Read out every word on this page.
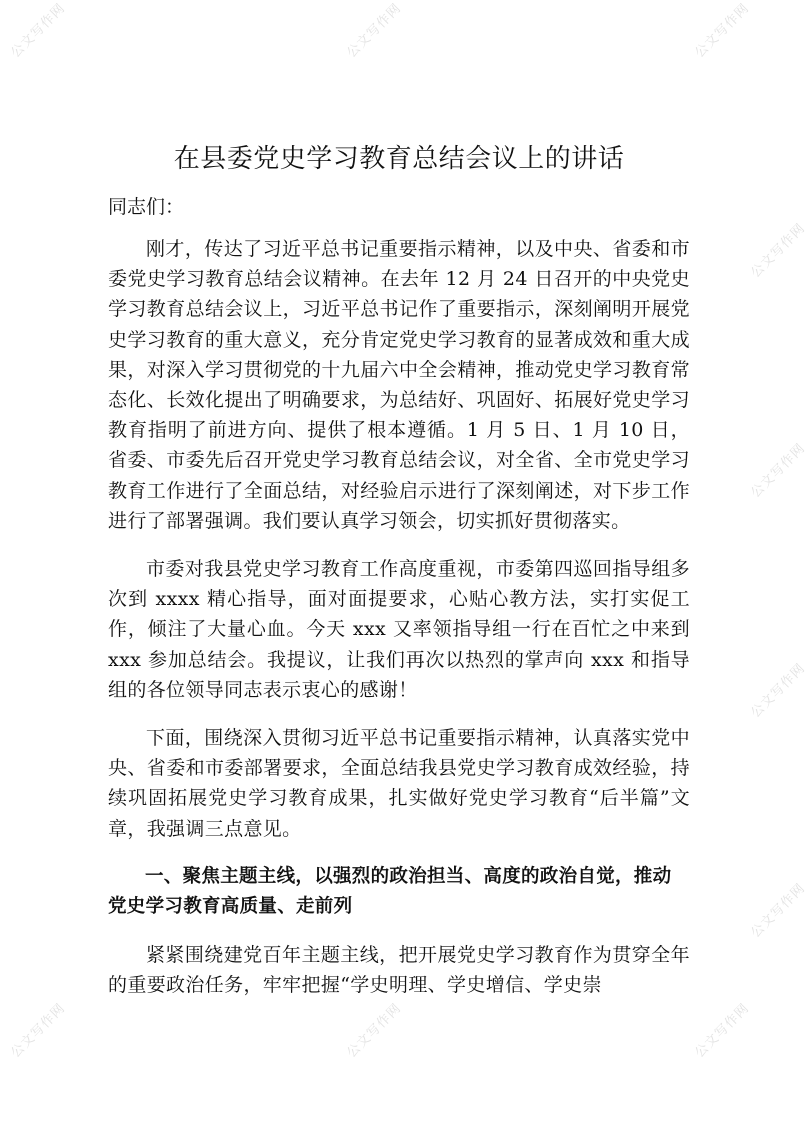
公文写作网	公文写作网	公文写作网
公文写作网
公文写作网
公文写作网
公文写作网
公文写作网	公文写作网	公文写作网
在县委党史学习教育总结会议上的讲话

同志们：

刚才，传达了习近平总书记重要指示精神，以及中央、省委和市委党史学习教育总结会议精神。在去年 12 月 24 日召开的中央党史学习教育总结会议上，习近平总书记作了重要指示，深刻阐明开展党史学习教育的重大意义，充分肯定党史学习教育的显著成效和重大成果，对深入学习贯彻党的十九届六中全会精神，推动党史学习教育常态化、长效化提出了明确要求，为总结好、巩固好、拓展好党史学习教育指明了前进方向、提供了根本遵循。1 月 5 日、1 月 10 日，省委、市委先后召开党史学习教育总结会议，对全省、全市党史学习教育工作进行了全面总结，对经验启示进行了深刻阐述，对下步工作进行了部署强调。我们要认真学习领会，切实抓好贯彻落实。

市委对我县党史学习教育工作高度重视，市委第四巡回指导组多次到 xxxx 精心指导，面对面提要求，心贴心教方法，实打实促工作，倾注了大量心血。今天 xxx 又率领指导组一行在百忙之中来到 xxx 参加总结会。我提议，让我们再次以热烈的掌声向 xxx 和指导组的各位领导同志表示衷心的感谢！

下面，围绕深入贯彻习近平总书记重要指示精神，认真落实党中央、省委和市委部署要求，全面总结我县党史学习教育成效经验，持续巩固拓展党史学习教育成果，扎实做好党史学习教育“后半篇”文章，我强调三点意见。

一、聚焦主题主线，以强烈的政治担当、高度的政治自觉，推动党史学习教育高质量、走前列

紧紧围绕建党百年主题主线，把开展党史学习教育作为贯穿全年的重要政治任务，牢牢把握“学史明理、学史增信、学史崇
